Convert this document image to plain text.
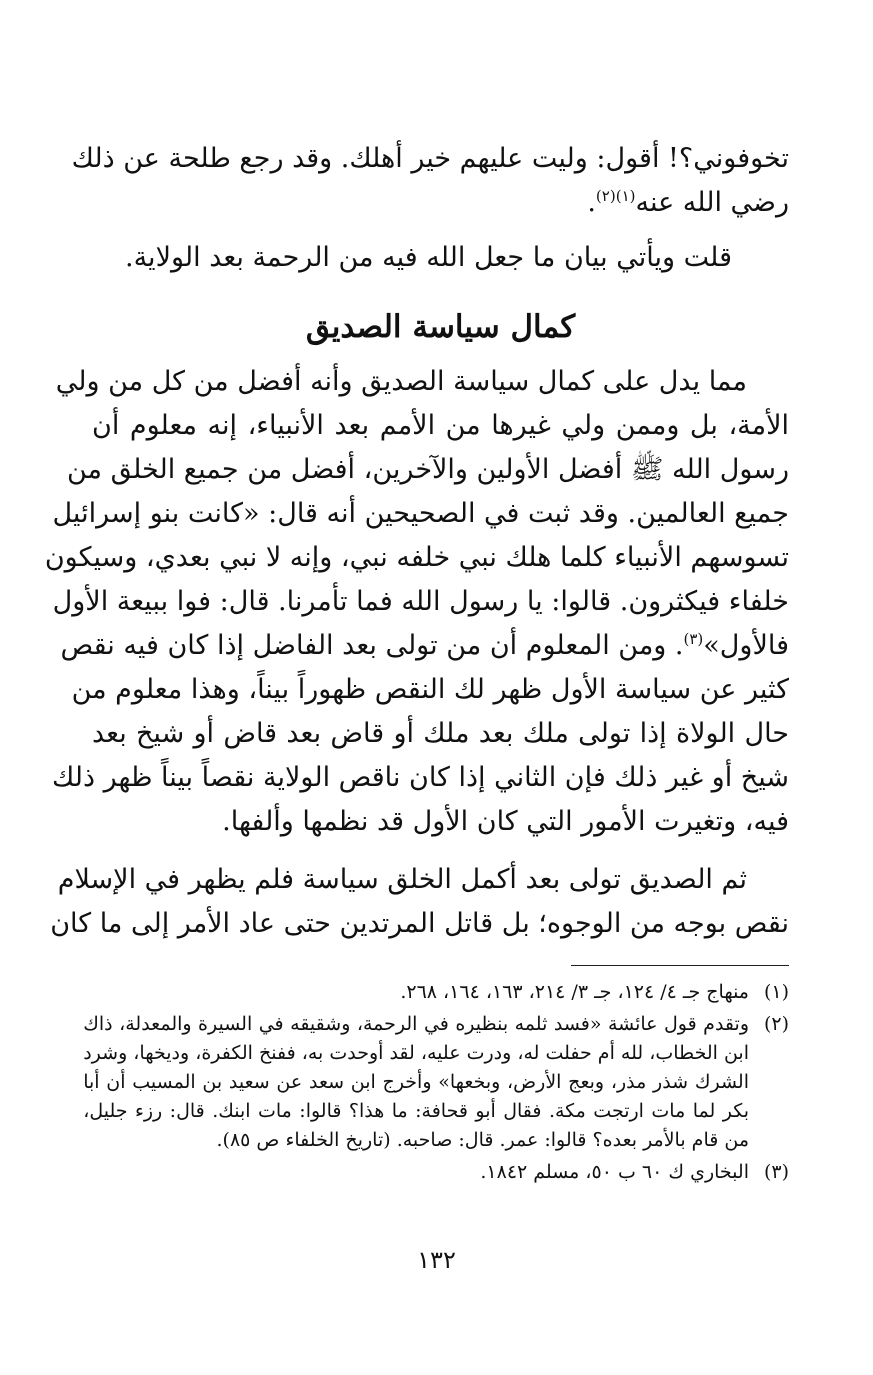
تخوفوني؟! أقول: وليت عليهم خير أهلك. وقد رجع طلحة عن ذلك
رضي الله عنه$^{(١)(٢)}$.
قلت ويأتي بيان ما جعل الله فيه من الرحمة بعد الولاية.
كمال سياسة الصديق
مما يدل على كمال سياسة الصديق وأنه أفضل من كل من ولي
الأمة، بل وممن ولي غيرها من الأمم بعد الأنبياء، إنه معلوم أن
رسول الله ﷺ أفضل الأولين والآخرين، أفضل من جميع الخلق من
جميع العالمين. وقد ثبت في الصحيحين أنه قال: «كانت بنو إسرائيل
تسوسهم الأنبياء كلما هلك نبي خلفه نبي، وإنه لا نبي بعدي، وسيكون
خلفاء فيكثرون. قالوا: يا رسول الله فما تأمرنا. قال: فوا ببيعة الأول
فالأول»$^{(٣)}$. ومن المعلوم أن من تولى بعد الفاضل إذا كان فيه نقص
كثير عن سياسة الأول ظهر لك النقص ظهوراً بيناً، وهذا معلوم من
حال الولاة إذا تولى ملك بعد ملك أو قاض بعد قاض أو شيخ بعد
شيخ أو غير ذلك فإن الثاني إذا كان ناقص الولاية نقصاً بيناً ظهر ذلك
فيه، وتغيرت الأمور التي كان الأول قد نظمها وألفها.
ثم الصديق تولى بعد أكمل الخلق سياسة فلم يظهر في الإسلام
نقص بوجه من الوجوه؛ بل قاتل المرتدين حتى عاد الأمر إلى ما كان
(١)
منهاج جـ ٤/ ١٢٤، جـ ٣/ ٢١٤، ١٦٣، ١٦٤، ٢٦٨.
(٢)
وتقدم قول عائشة «فسد ثلمه بنظيره في الرحمة، وشقيقه في السيرة والمعدلة، ذاك
ابن الخطاب، لله أم حفلت له، ودرت عليه، لقد أوحدت به، ففنخ الكفرة، وديخها، وشرد
الشرك شذر مذر، وبعج الأرض، وبخعها» وأخرج ابن سعد عن سعيد بن المسيب أن أبا
بكر لما مات ارتجت مكة. فقال أبو قحافة: ما هذا؟ قالوا: مات ابنك. قال: رزء جليل،
من قام بالأمر بعده؟ قالوا: عمر. قال: صاحبه. (تاريخ الخلفاء ص ٨٥).
(٣)
البخاري ك ٦٠ ب ٥٠، مسلم ١٨٤٢.
١٣٢
